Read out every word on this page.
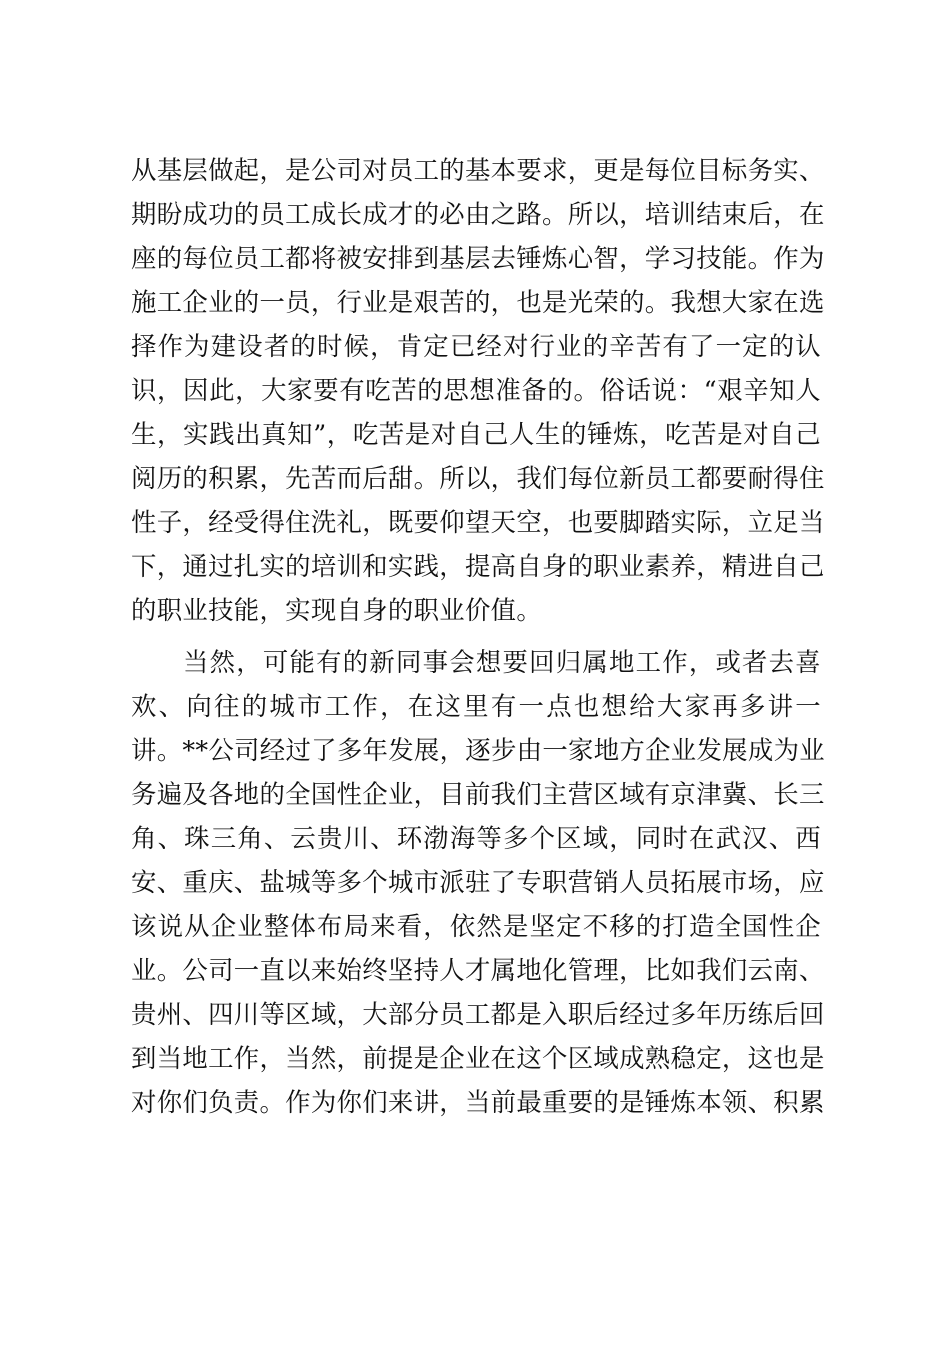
从基层做起，是公司对员工的基本要求，更是每位目标务实、
期盼成功的员工成长成才的必由之路。所以，培训结束后，在
座的每位员工都将被安排到基层去锤炼心智，学习技能。作为
施工企业的一员，行业是艰苦的，也是光荣的。我想大家在选
择作为建设者的时候，肯定已经对行业的辛苦有了一定的认
识，因此，大家要有吃苦的思想准备的。俗话说：“艰辛知人
生，实践出真知”，吃苦是对自己人生的锤炼，吃苦是对自己
阅历的积累，先苦而后甜。所以，我们每位新员工都要耐得住
性子，经受得住洗礼，既要仰望天空，也要脚踏实际，立足当
下，通过扎实的培训和实践，提高自身的职业素养，精进自己
的职业技能，实现自身的职业价值。
当然，可能有的新同事会想要回归属地工作，或者去喜
欢、向往的城市工作，在这里有一点也想给大家再多讲一
讲。**公司经过了多年发展，逐步由一家地方企业发展成为业
务遍及各地的全国性企业，目前我们主营区域有京津冀、长三
角、珠三角、云贵川、环渤海等多个区域，同时在武汉、西
安、重庆、盐城等多个城市派驻了专职营销人员拓展市场，应
该说从企业整体布局来看，依然是坚定不移的打造全国性企
业。公司一直以来始终坚持人才属地化管理，比如我们云南、
贵州、四川等区域，大部分员工都是入职后经过多年历练后回
到当地工作，当然，前提是企业在这个区域成熟稳定，这也是
对你们负责。作为你们来讲，当前最重要的是锤炼本领、积累
